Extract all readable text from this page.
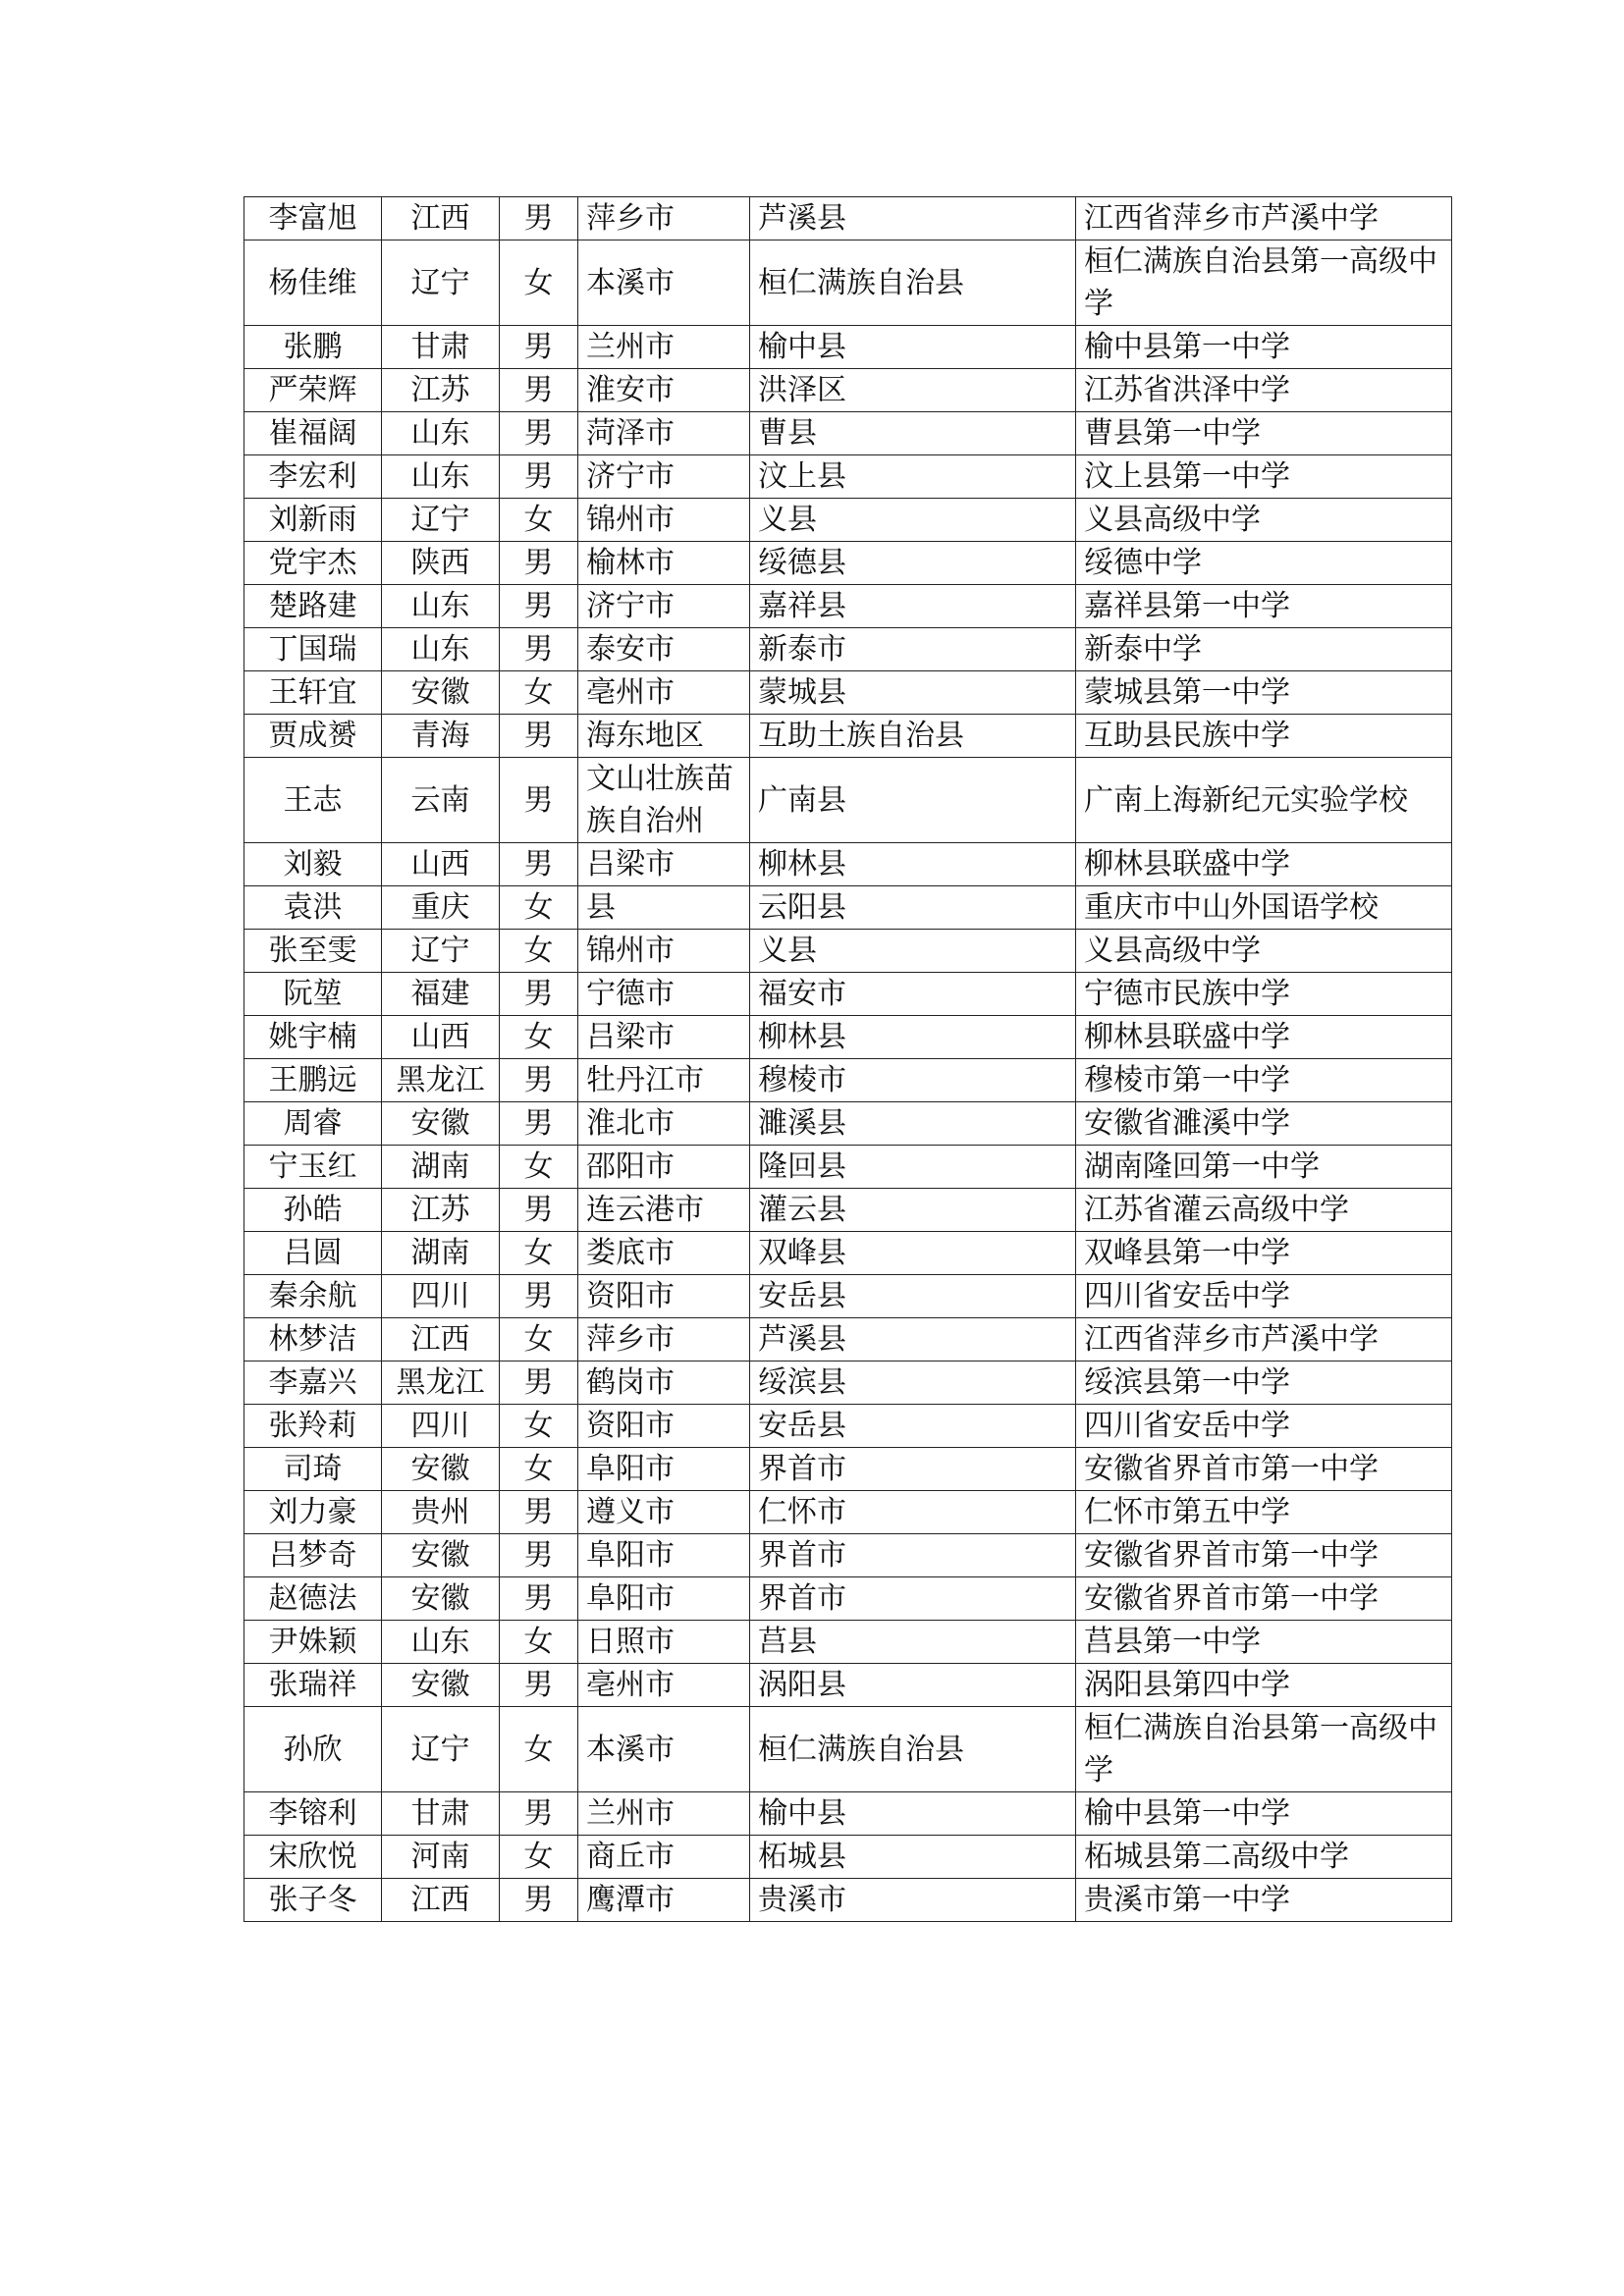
李富旭	江西	男	萍乡市	芦溪县	江西省萍乡市芦溪中学
杨佳维	辽宁	女	本溪市	桓仁满族自治县	桓仁满族自治县第一高级中学
张鹏	甘肃	男	兰州市	榆中县	榆中县第一中学
严荣辉	江苏	男	淮安市	洪泽区	江苏省洪泽中学
崔福阔	山东	男	菏泽市	曹县	曹县第一中学
李宏利	山东	男	济宁市	汶上县	汶上县第一中学
刘新雨	辽宁	女	锦州市	义县	义县高级中学
党宇杰	陕西	男	榆林市	绥德县	绥德中学
楚路建	山东	男	济宁市	嘉祥县	嘉祥县第一中学
丁国瑞	山东	男	泰安市	新泰市	新泰中学
王轩宜	安徽	女	亳州市	蒙城县	蒙城县第一中学
贾成赟	青海	男	海东地区	互助土族自治县	互助县民族中学
王志	云南	男	文山壮族苗族自治州	广南县	广南上海新纪元实验学校
刘毅	山西	男	吕梁市	柳林县	柳林县联盛中学
袁洪	重庆	女	县	云阳县	重庆市中山外国语学校
张至雯	辽宁	女	锦州市	义县	义县高级中学
阮堃	福建	男	宁德市	福安市	宁德市民族中学
姚宇楠	山西	女	吕梁市	柳林县	柳林县联盛中学
王鹏远	黑龙江	男	牡丹江市	穆棱市	穆棱市第一中学
周睿	安徽	男	淮北市	濉溪县	安徽省濉溪中学
宁玉红	湖南	女	邵阳市	隆回县	湖南隆回第一中学
孙皓	江苏	男	连云港市	灌云县	江苏省灌云高级中学
吕圆	湖南	女	娄底市	双峰县	双峰县第一中学
秦余航	四川	男	资阳市	安岳县	四川省安岳中学
林梦洁	江西	女	萍乡市	芦溪县	江西省萍乡市芦溪中学
李嘉兴	黑龙江	男	鹤岗市	绥滨县	绥滨县第一中学
张羚莉	四川	女	资阳市	安岳县	四川省安岳中学
司琦	安徽	女	阜阳市	界首市	安徽省界首市第一中学
刘力豪	贵州	男	遵义市	仁怀市	仁怀市第五中学
吕梦奇	安徽	男	阜阳市	界首市	安徽省界首市第一中学
赵德法	安徽	男	阜阳市	界首市	安徽省界首市第一中学
尹姝颖	山东	女	日照市	莒县	莒县第一中学
张瑞祥	安徽	男	亳州市	涡阳县	涡阳县第四中学
孙欣	辽宁	女	本溪市	桓仁满族自治县	桓仁满族自治县第一高级中学
李镕利	甘肃	男	兰州市	榆中县	榆中县第一中学
宋欣悦	河南	女	商丘市	柘城县	柘城县第二高级中学
张子冬	江西	男	鹰潭市	贵溪市	贵溪市第一中学
